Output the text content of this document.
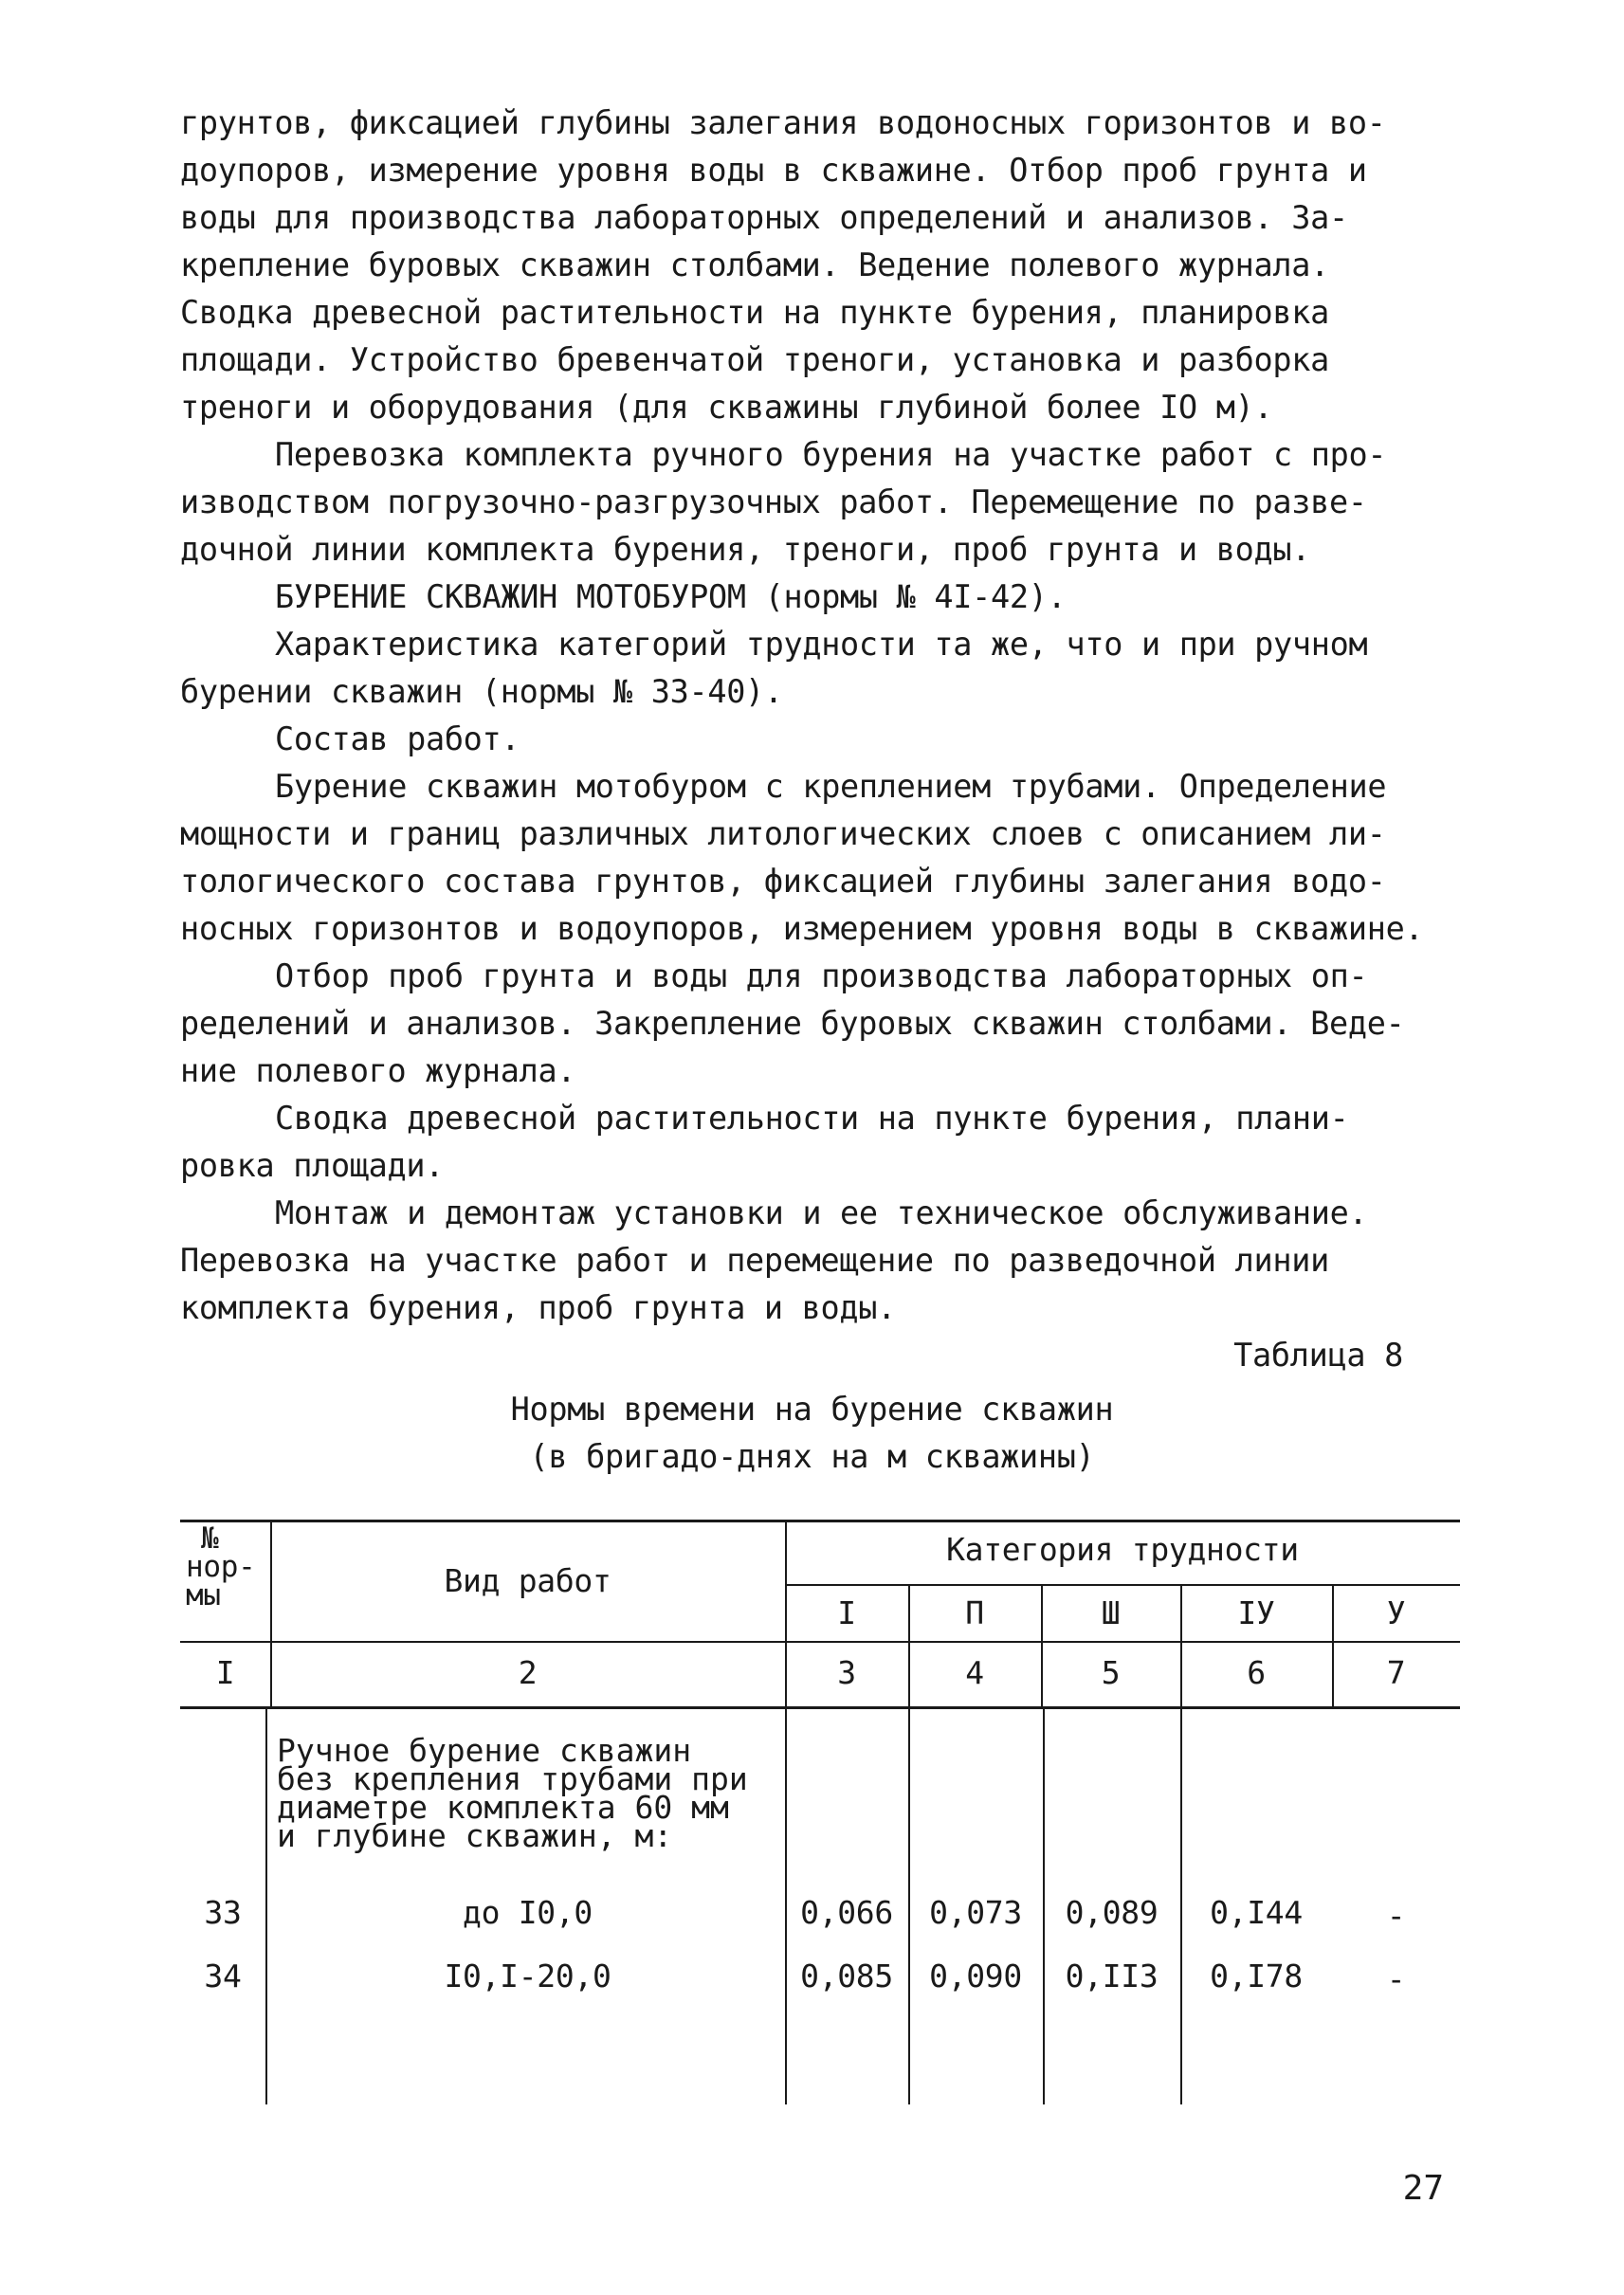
грунтов, фиксацией глубины залегания водоносных горизонтов и во-
доупоров, измерение уровня воды в скважине. Отбор проб грунта и
воды для производства лабораторных определений и анализов. За-
крепление буровых скважин столбами. Ведение полевого журнала.
Сводка древесной растительности на пункте бурения, планировка
площади. Устройство бревенчатой треноги, установка и разборка
треноги и оборудования (для скважины глубиной более IO м).
Перевозка комплекта ручного бурения на участке работ с про-
изводством погрузочно-разгрузочных работ. Перемещение по разве-
дочной линии комплекта бурения, треноги, проб грунта и воды.
БУРЕНИЕ СКВАЖИН МОТОБУРОМ (нормы № 4I-42).
Характеристика категорий трудности та же, что и при ручном
бурении скважин (нормы № 33-40).
Состав работ.
Бурение скважин мотобуром с креплением трубами. Определение
мощности и границ различных литологических слоев с описанием ли-
тологического состава грунтов, фиксацией глубины залегания водо-
носных горизонтов и водоупоров, измерением уровня воды в скважине.
Отбор проб грунта и воды для производства лабораторных оп-
ределений и анализов. Закрепление буровых скважин столбами. Веде-
ние полевого журнала.
Сводка древесной растительности на пункте бурения, плани-
ровка площади.
Монтаж и демонтаж установки и ее техническое обслуживание.
Перевозка на участке работ и перемещение по разведочной линии
комплекта бурения, проб грунта и воды.
Таблица 8
Нормы времени на бурение скважин
(в бригадо-днях на м скважины)
№
нор-
мы	Вид работ
Категория трудности
I	П	Ш	IУ	У
I	2	3	4	5	6	7
Ручное бурение скважин
без крепления трубами при
диаметре комплекта 60 мм
и глубине скважин, м:
33	до I0,0	0,066	0,073	0,089	0,I44	-
34	I0,I-20,0	0,085	0,090	0,II3	0,I78	-
27
